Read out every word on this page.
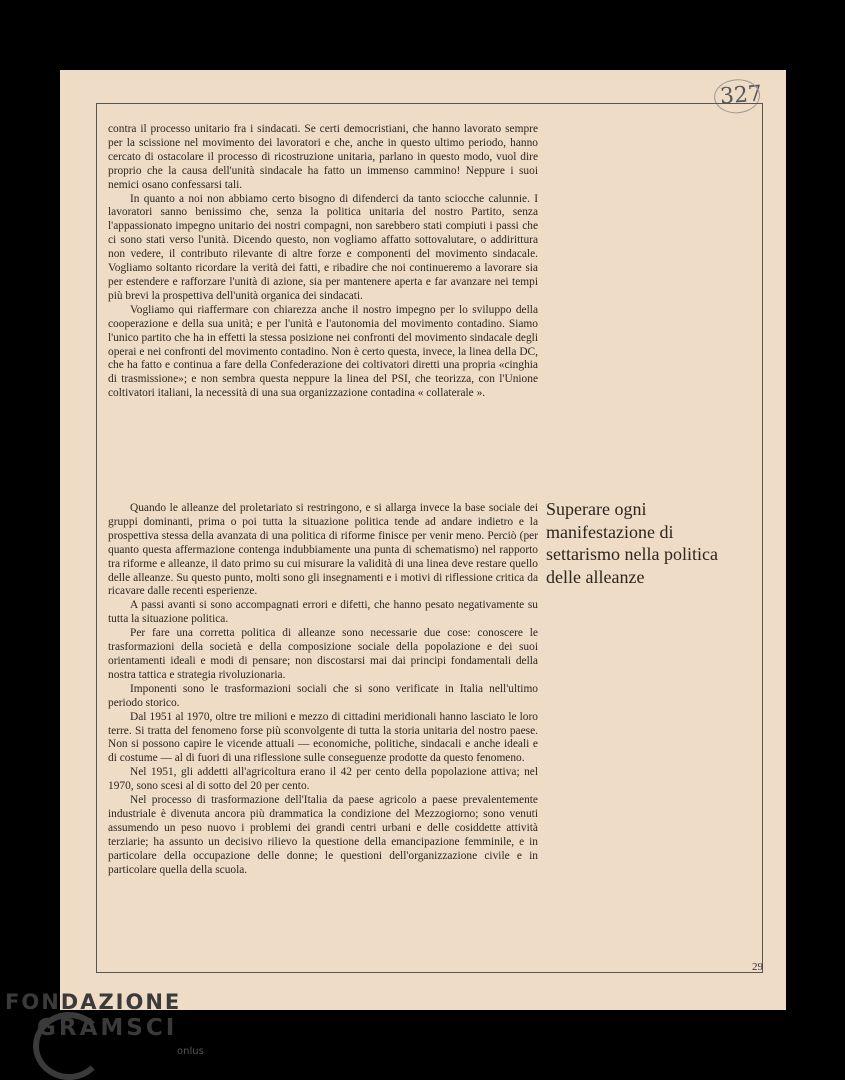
327

contra il processo unitario fra i sindacati. Se certi democristiani, che hanno lavorato sempre per la scissione nel movimento dei lavoratori e che, anche in questo ultimo periodo, hanno cercato di ostacolare il processo di ricostruzione unitaria, parlano in questo modo, vuol dire proprio che la causa dell'unità sindacale ha fatto un immenso cammino! Neppure i suoi nemici osano confessarsi tali.

In quanto a noi non abbiamo certo bisogno di difenderci da tanto sciocche calunnie. I lavoratori sanno benissimo che, senza la politica unitaria del nostro Partito, senza l'appassionato impegno unitario dei nostri compagni, non sarebbero stati compiuti i passi che ci sono stati verso l'unità. Dicendo questo, non vogliamo affatto sottovalutare, o addirittura non vedere, il contributo rilevante di altre forze e componenti del movimento sindacale. Vogliamo soltanto ricordare la verità dei fatti, e ribadire che noi continueremo a lavorare sia per estendere e rafforzare l'unità di azione, sia per mantenere aperta e far avanzare nei tempi più brevi la prospettiva dell'unità organica dei sindacati.

Vogliamo qui riaffermare con chiarezza anche il nostro impegno per lo sviluppo della cooperazione e della sua unità; e per l'unità e l'autonomia del movimento contadino. Siamo l'unico partito che ha in effetti la stessa posizione nei confronti del movimento sindacale degli operai e nei confronti del movimento contadino. Non è certo questa, invece, la linea della DC, che ha fatto e continua a fare della Confederazione dei coltivatori diretti una propria «cinghia di trasmissione»; e non sembra questa neppure la linea del PSI, che teorizza, con l'Unione coltivatori italiani, la necessità di una sua organizzazione contadina « collaterale ».

Superare ogni manifestazione di settarismo nella politica delle alleanze

Quando le alleanze del proletariato si restringono, e si allarga invece la base sociale dei gruppi dominanti, prima o poi tutta la situazione politica tende ad andare indietro e la prospettiva stessa della avanzata di una politica di riforme finisce per venir meno. Perciò (per quanto questa affermazione contenga indubbiamente una punta di schematismo) nel rapporto tra riforme e alleanze, il dato primo su cui misurare la validità di una linea deve restare quello delle alleanze. Su questo punto, molti sono gli insegnamenti e i motivi di riflessione critica da ricavare dalle recenti esperienze.

A passi avanti si sono accompagnati errori e difetti, che hanno pesato negativamente su tutta la situazione politica.

Per fare una corretta politica di alleanze sono necessarie due cose: conoscere le trasformazioni della società e della composizione sociale della popolazione e dei suoi orientamenti ideali e modi di pensare; non discostarsi mai dai principi fondamentali della nostra tattica e strategia rivoluzionaria.

Imponenti sono le trasformazioni sociali che si sono verificate in Italia nell'ultimo periodo storico.

Dal 1951 al 1970, oltre tre milioni e mezzo di cittadini meridionali hanno lasciato le loro terre. Si tratta del fenomeno forse più sconvolgente di tutta la storia unitaria del nostro paese. Non si possono capire le vicende attuali — economiche, politiche, sindacali e anche ideali e di costume — al di fuori di una riflessione sulle conseguenze prodotte da questo fenomeno.

Nel 1951, gli addetti all'agricoltura erano il 42 per cento della popolazione attiva; nel 1970, sono scesi al di sotto del 20 per cento.

Nel processo di trasformazione dell'Italia da paese agricolo a paese prevalentemente industriale è divenuta ancora più drammatica la condizione del Mezzogiorno; sono venuti assumendo un peso nuovo i problemi dei grandi centri urbani e delle cosiddette attività terziarie; ha assunto un decisivo rilievo la questione della emancipazione femminile, e in particolare della occupazione delle donne; le questioni dell'organizzazione civile e in particolare quella della scuola.

29
FONDAZIONE
GRAMSCI
onlus
